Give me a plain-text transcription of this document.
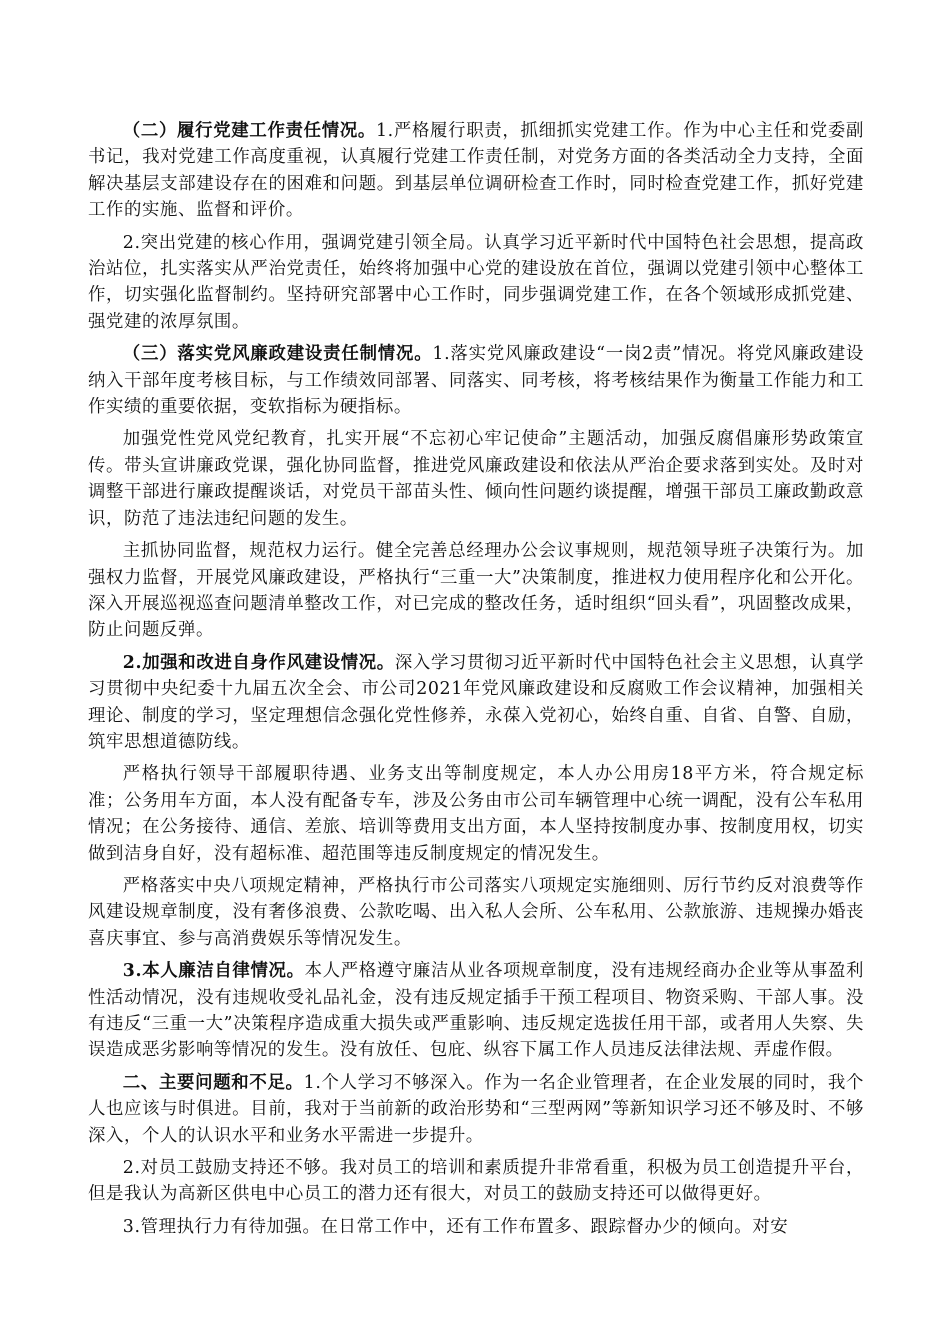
（二）履行党建工作责任情况。1.严格履行职责，抓细抓实党建工作。作为中心主任和党委副书记，我对党建工作高度重视，认真履行党建工作责任制，对党务方面的各类活动全力支持，全面解决基层支部建设存在的困难和问题。到基层单位调研检查工作时，同时检查党建工作，抓好党建工作的实施、监督和评价。

2.突出党建的核心作用，强调党建引领全局。认真学习近平新时代中国特色社会思想，提高政治站位，扎实落实从严治党责任，始终将加强中心党的建设放在首位，强调以党建引领中心整体工作，切实强化监督制约。坚持研究部署中心工作时，同步强调党建工作，在各个领域形成抓党建、强党建的浓厚氛围。

（三）落实党风廉政建设责任制情况。1.落实党风廉政建设“一岗2责”情况。将党风廉政建设纳入干部年度考核目标，与工作绩效同部署、同落实、同考核，将考核结果作为衡量工作能力和工作实绩的重要依据，变软指标为硬指标。

加强党性党风党纪教育，扎实开展“不忘初心牢记使命”主题活动，加强反腐倡廉形势政策宣传。带头宣讲廉政党课，强化协同监督，推进党风廉政建设和依法从严治企要求落到实处。及时对调整干部进行廉政提醒谈话，对党员干部苗头性、倾向性问题约谈提醒，增强干部员工廉政勤政意识，防范了违法违纪问题的发生。

主抓协同监督，规范权力运行。健全完善总经理办公会议事规则，规范领导班子决策行为。加强权力监督，开展党风廉政建设，严格执行“三重一大”决策制度，推进权力使用程序化和公开化。深入开展巡视巡查问题清单整改工作，对已完成的整改任务，适时组织“回头看”，巩固整改成果，防止问题反弹。

2.加强和改进自身作风建设情况。深入学习贯彻习近平新时代中国特色社会主义思想，认真学习贯彻中央纪委十九届五次全会、市公司2021年党风廉政建设和反腐败工作会议精神，加强相关理论、制度的学习，坚定理想信念强化党性修养，永葆入党初心，始终自重、自省、自警、自励，筑牢思想道德防线。

严格执行领导干部履职待遇、业务支出等制度规定，本人办公用房18平方米，符合规定标准；公务用车方面，本人没有配备专车，涉及公务由市公司车辆管理中心统一调配，没有公车私用情况；在公务接待、通信、差旅、培训等费用支出方面，本人坚持按制度办事、按制度用权，切实做到洁身自好，没有超标准、超范围等违反制度规定的情况发生。

严格落实中央八项规定精神，严格执行市公司落实八项规定实施细则、厉行节约反对浪费等作风建设规章制度，没有奢侈浪费、公款吃喝、出入私人会所、公车私用、公款旅游、违规操办婚丧喜庆事宜、参与高消费娱乐等情况发生。

3.本人廉洁自律情况。本人严格遵守廉洁从业各项规章制度，没有违规经商办企业等从事盈利性活动情况，没有违规收受礼品礼金，没有违反规定插手干预工程项目、物资采购、干部人事。没有违反“三重一大”决策程序造成重大损失或严重影响、违反规定选拔任用干部，或者用人失察、失误造成恶劣影响等情况的发生。没有放任、包庇、纵容下属工作人员违反法律法规、弄虚作假。

二、主要问题和不足。1.个人学习不够深入。作为一名企业管理者，在企业发展的同时，我个人也应该与时俱进。目前，我对于当前新的政治形势和“三型两网”等新知识学习还不够及时、不够深入，个人的认识水平和业务水平需进一步提升。

2.对员工鼓励支持还不够。我对员工的培训和素质提升非常看重，积极为员工创造提升平台，但是我认为高新区供电中心员工的潜力还有很大，对员工的鼓励支持还可以做得更好。

3.管理执行力有待加强。在日常工作中，还有工作布置多、跟踪督办少的倾向。对安
